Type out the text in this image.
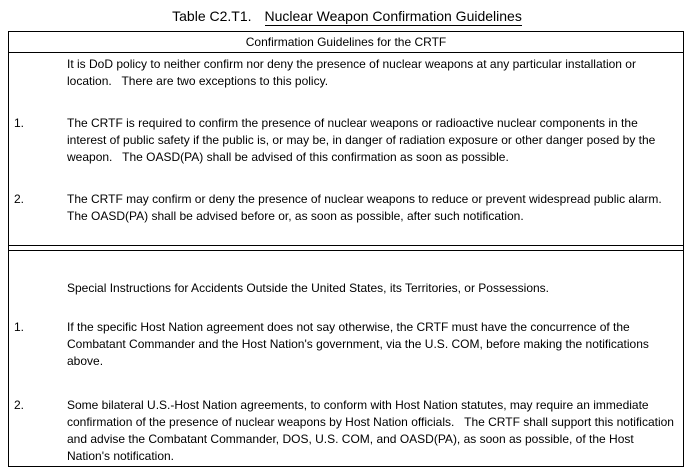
Table C2.T1. Nuclear Weapon Confirmation Guidelines
Confirmation Guidelines for the CRTF
It is DoD policy to neither confirm nor deny the presence of nuclear weapons at any particular installation or location.   There are two exceptions to this policy.
1.	The CRTF is required to confirm the presence of nuclear weapons or radioactive nuclear components in the interest of public safety if the public is, or may be, in danger of radiation exposure or other danger posed by the weapon.   The OASD(PA) shall be advised of this confirmation as soon as possible.
2.	The CRTF may confirm or deny the presence of nuclear weapons to reduce or prevent widespread public alarm.   The OASD(PA) shall be advised before or, as soon as possible, after such notification.
Special Instructions for Accidents Outside the United States, its Territories, or Possessions.
1.	If the specific Host Nation agreement does not say otherwise, the CRTF must have the concurrence of the Combatant Commander and the Host Nation's government, via the U.S. COM, before making the notifications above.
2.	Some bilateral U.S.-Host Nation agreements, to conform with Host Nation statutes, may require an immediate confirmation of the presence of nuclear weapons by Host Nation officials.   The CRTF shall support this notification and advise the Combatant Commander, DOS, U.S. COM, and OASD(PA), as soon as possible, of the Host Nation's notification.
